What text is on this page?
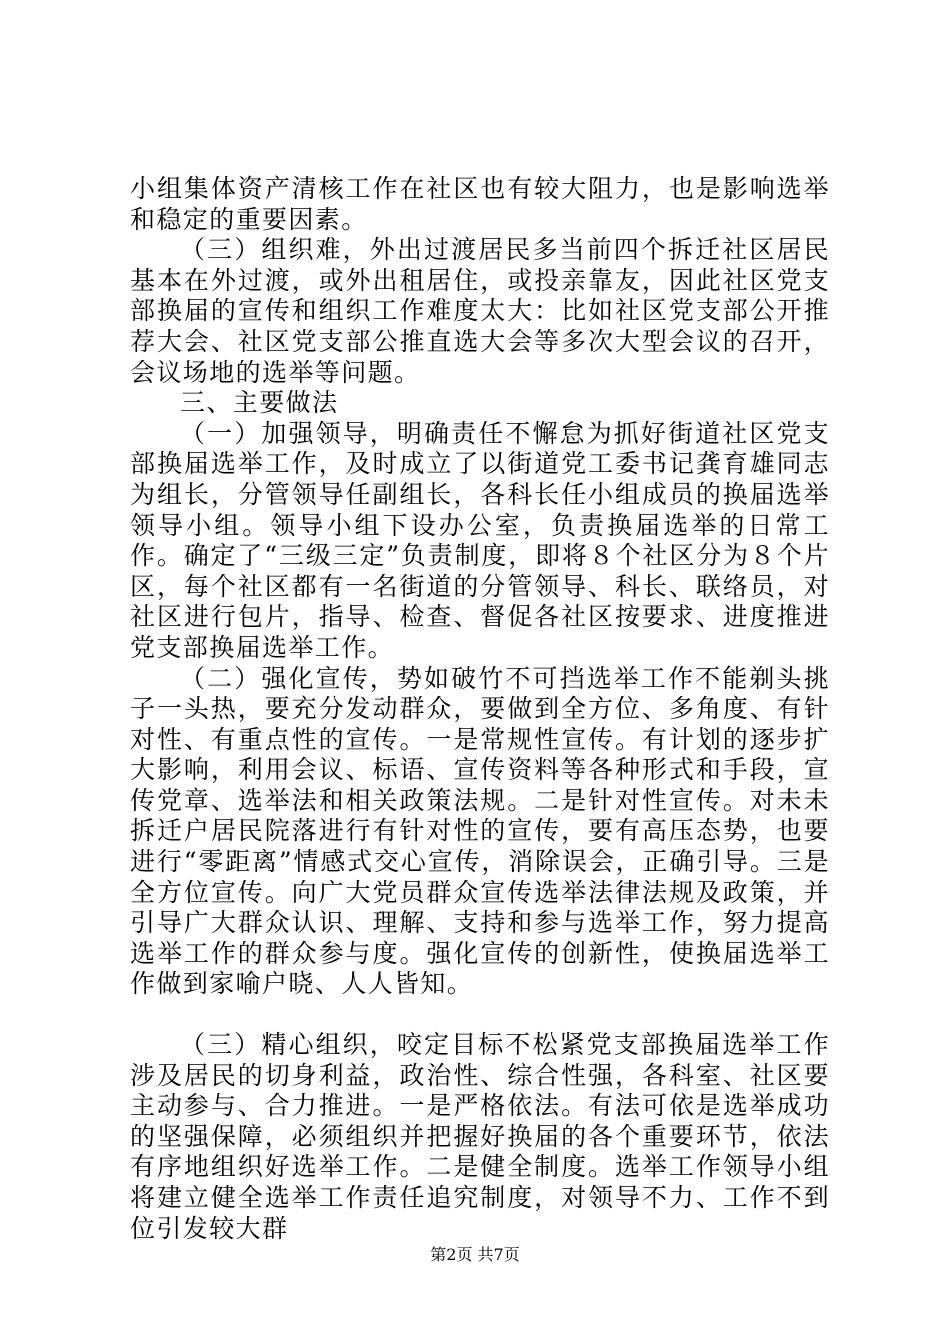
小组集体资产清核工作在社区也有较大阻力，也是影响选举和稳定的重要因素。

（三）组织难，外出过渡居民多当前四个拆迁社区居民基本在外过渡，或外出租居住，或投亲靠友，因此社区党支部换届的宣传和组织工作难度太大：比如社区党支部公开推荐大会、社区党支部公推直选大会等多次大型会议的召开，会议场地的选举等问题。

三、主要做法

（一）加强领导，明确责任不懈怠为抓好街道社区党支部换届选举工作，及时成立了以街道党工委书记龚育雄同志为组长，分管领导任副组长，各科长任小组成员的换届选举领导小组。领导小组下设办公室，负责换届选举的日常工作。确定了“三级三定”负责制度，即将８个社区分为８个片区，每个社区都有一名街道的分管领导、科长、联络员，对社区进行包片，指导、检查、督促各社区按要求、进度推进党支部换届选举工作。

（二）强化宣传，势如破竹不可挡选举工作不能剃头挑子一头热，要充分发动群众，要做到全方位、多角度、有针对性、有重点性的宣传。一是常规性宣传。有计划的逐步扩大影响，利用会议、标语、宣传资料等各种形式和手段，宣传党章、选举法和相关政策法规。二是针对性宣传。对未未拆迁户居民院落进行有针对性的宣传，要有高压态势，也要进行“零距离”情感式交心宣传，消除误会，正确引导。三是全方位宣传。向广大党员群众宣传选举法律法规及政策，并引导广大群众认识、理解、支持和参与选举工作，努力提高选举工作的群众参与度。强化宣传的创新性，使换届选举工作做到家喻户晓、人人皆知。

（三）精心组织，咬定目标不松紧党支部换届选举工作涉及居民的切身利益，政治性、综合性强，各科室、社区要主动参与、合力推进。一是严格依法。有法可依是选举成功的坚强保障，必须组织并把握好换届的各个重要环节，依法有序地组织好选举工作。二是健全制度。选举工作领导小组将建立健全选举工作责任追究制度，对领导不力、工作不到位引发较大群

第2页 共7页
